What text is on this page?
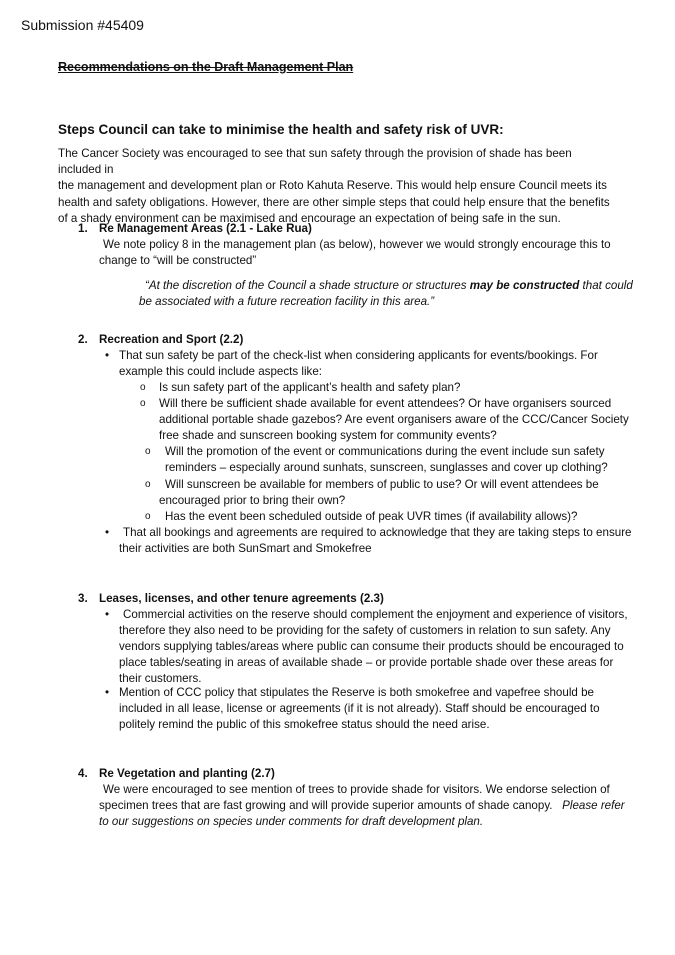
Submission #45409
Recommendations on the Draft Management Plan
Steps Council can take to minimise the health and safety risk of UVR:
The Cancer Society was encouraged to see that sun safety through the provision of shade has been included in
the management and development plan or Roto Kahuta Reserve. This would help ensure Council meets its
health and safety obligations. However, there are other simple steps that could help ensure that the benefits
of a shady environment can be maximised and encourage an expectation of being safe in the sun.
1. Re Management Areas (2.1 - Lake Rua)
We note policy 8 in the management plan (as below), however we would strongly encourage this to
change to “will be constructed”
“At the discretion of the Council a shade structure or structures may be constructed that could
be associated with a future recreation facility in this area.”
2. Recreation and Sport (2.2)
• That sun safety be part of the check-list when considering applicants for events/bookings. For
example this could include aspects like:
o Is sun safety part of the applicant’s health and safety plan?
o Will there be sufficient shade available for event attendees? Or have organisers sourced
additional portable shade gazebos? Are event organisers aware of the CCC/Cancer Society
free shade and sunscreen booking system for community events?
o Will the promotion of the event or communications during the event include sun safety
reminders – especially around sunhats, sunscreen, sunglasses and cover up clothing?
o Will sunscreen be available for members of public to use? Or will event attendees be
encouraged prior to bring their own?
o Has the event been scheduled outside of peak UVR times (if availability allows)?
• That all bookings and agreements are required to acknowledge that they are taking steps to ensure
their activities are both SunSmart and Smokefree
3. Leases, licenses, and other tenure agreements (2.3)
• Commercial activities on the reserve should complement the enjoyment and experience of visitors,
therefore they also need to be providing for the safety of customers in relation to sun safety. Any
vendors supplying tables/areas where public can consume their products should be encouraged to
place tables/seating in areas of available shade – or provide portable shade over these areas for
their customers.
• Mention of CCC policy that stipulates the Reserve is both smokefree and vapefree should be
included in all lease, license or agreements (if it is not already). Staff should be encouraged to
politely remind the public of this smokefree status should the need arise.
4. Re Vegetation and planting (2.7)
We were encouraged to see mention of trees to provide shade for visitors. We endorse selection of
specimen trees that are fast growing and will provide superior amounts of shade canopy. Please refer
to our suggestions on species under comments for draft development plan.
